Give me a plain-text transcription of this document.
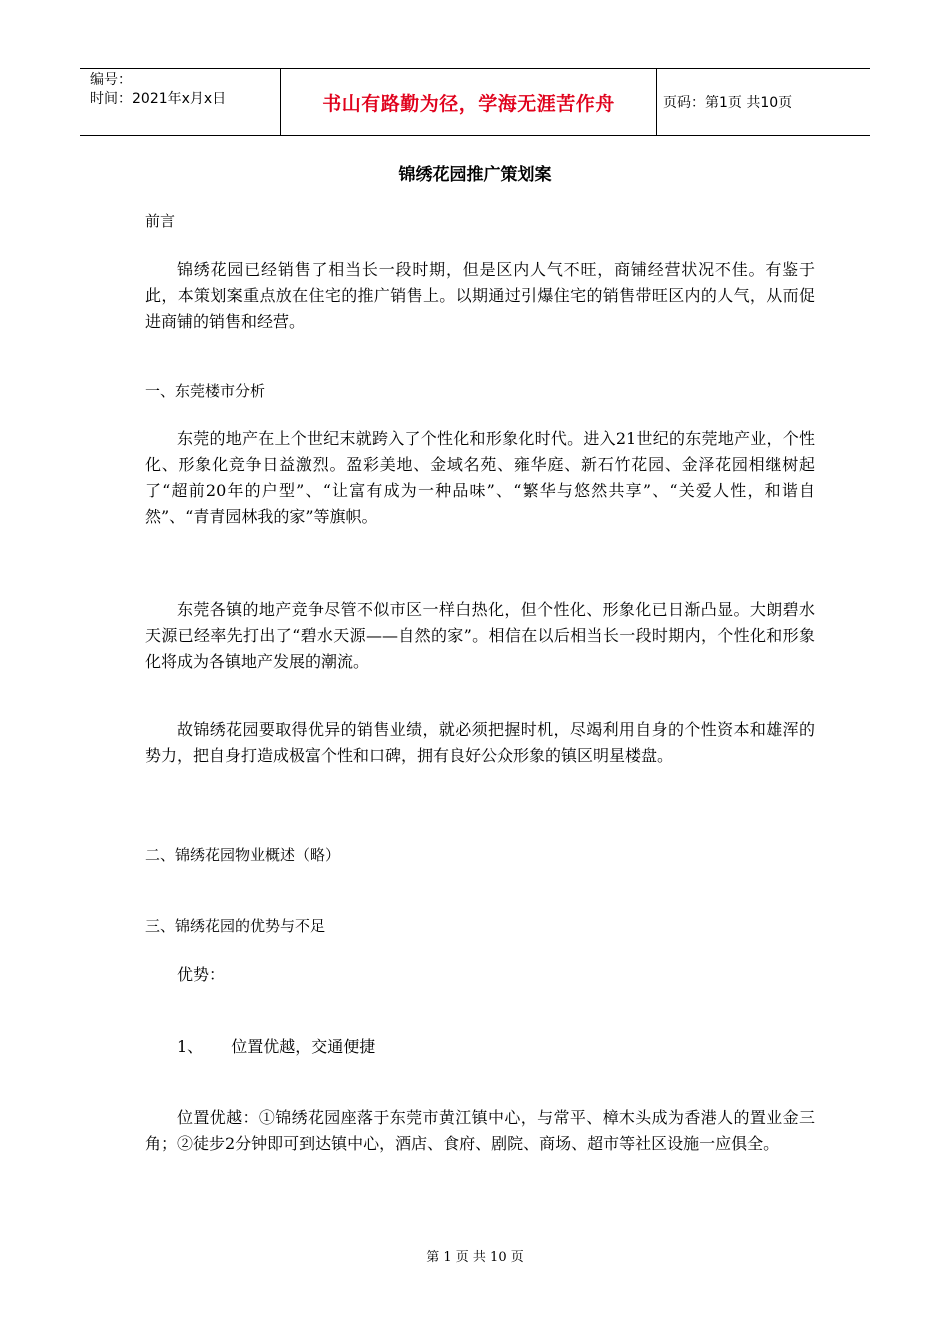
编号：
时间：2021年x月x日	书山有路勤为径，学海无涯苦作舟	页码：第1页 共10页
锦绣花园推广策划案
前言
锦绣花园已经销售了相当长一段时期，但是区内人气不旺，商铺经营状况不佳。有鉴于此，本策划案重点放在住宅的推广销售上。以期通过引爆住宅的销售带旺区内的人气，从而促进商铺的销售和经营。
一、东莞楼市分析
东莞的地产在上个世纪末就跨入了个性化和形象化时代。进入21世纪的东莞地产业，个性化、形象化竞争日益激烈。盈彩美地、金域名苑、雍华庭、新石竹花园、金泽花园相继树起了“超前20年的户型”、“让富有成为一种品味”、“繁华与悠然共享”、“关爱人性，和谐自然”、“青青园林我的家”等旗帜。
东莞各镇的地产竞争尽管不似市区一样白热化，但个性化、形象化已日渐凸显。大朗碧水天源已经率先打出了“碧水天源——自然的家”。相信在以后相当长一段时期内，个性化和形象化将成为各镇地产发展的潮流。
故锦绣花园要取得优异的销售业绩，就必须把握时机，尽竭利用自身的个性资本和雄浑的势力，把自身打造成极富个性和口碑，拥有良好公众形象的镇区明星楼盘。
二、锦绣花园物业概述（略）
三、锦绣花园的优势与不足
优势：
1、 位置优越，交通便捷
位置优越：①锦绣花园座落于东莞市黄江镇中心，与常平、樟木头成为香港人的置业金三角；②徒步2分钟即可到达镇中心，酒店、食府、剧院、商场、超市等社区设施一应俱全。
第 1 页 共 10 页
